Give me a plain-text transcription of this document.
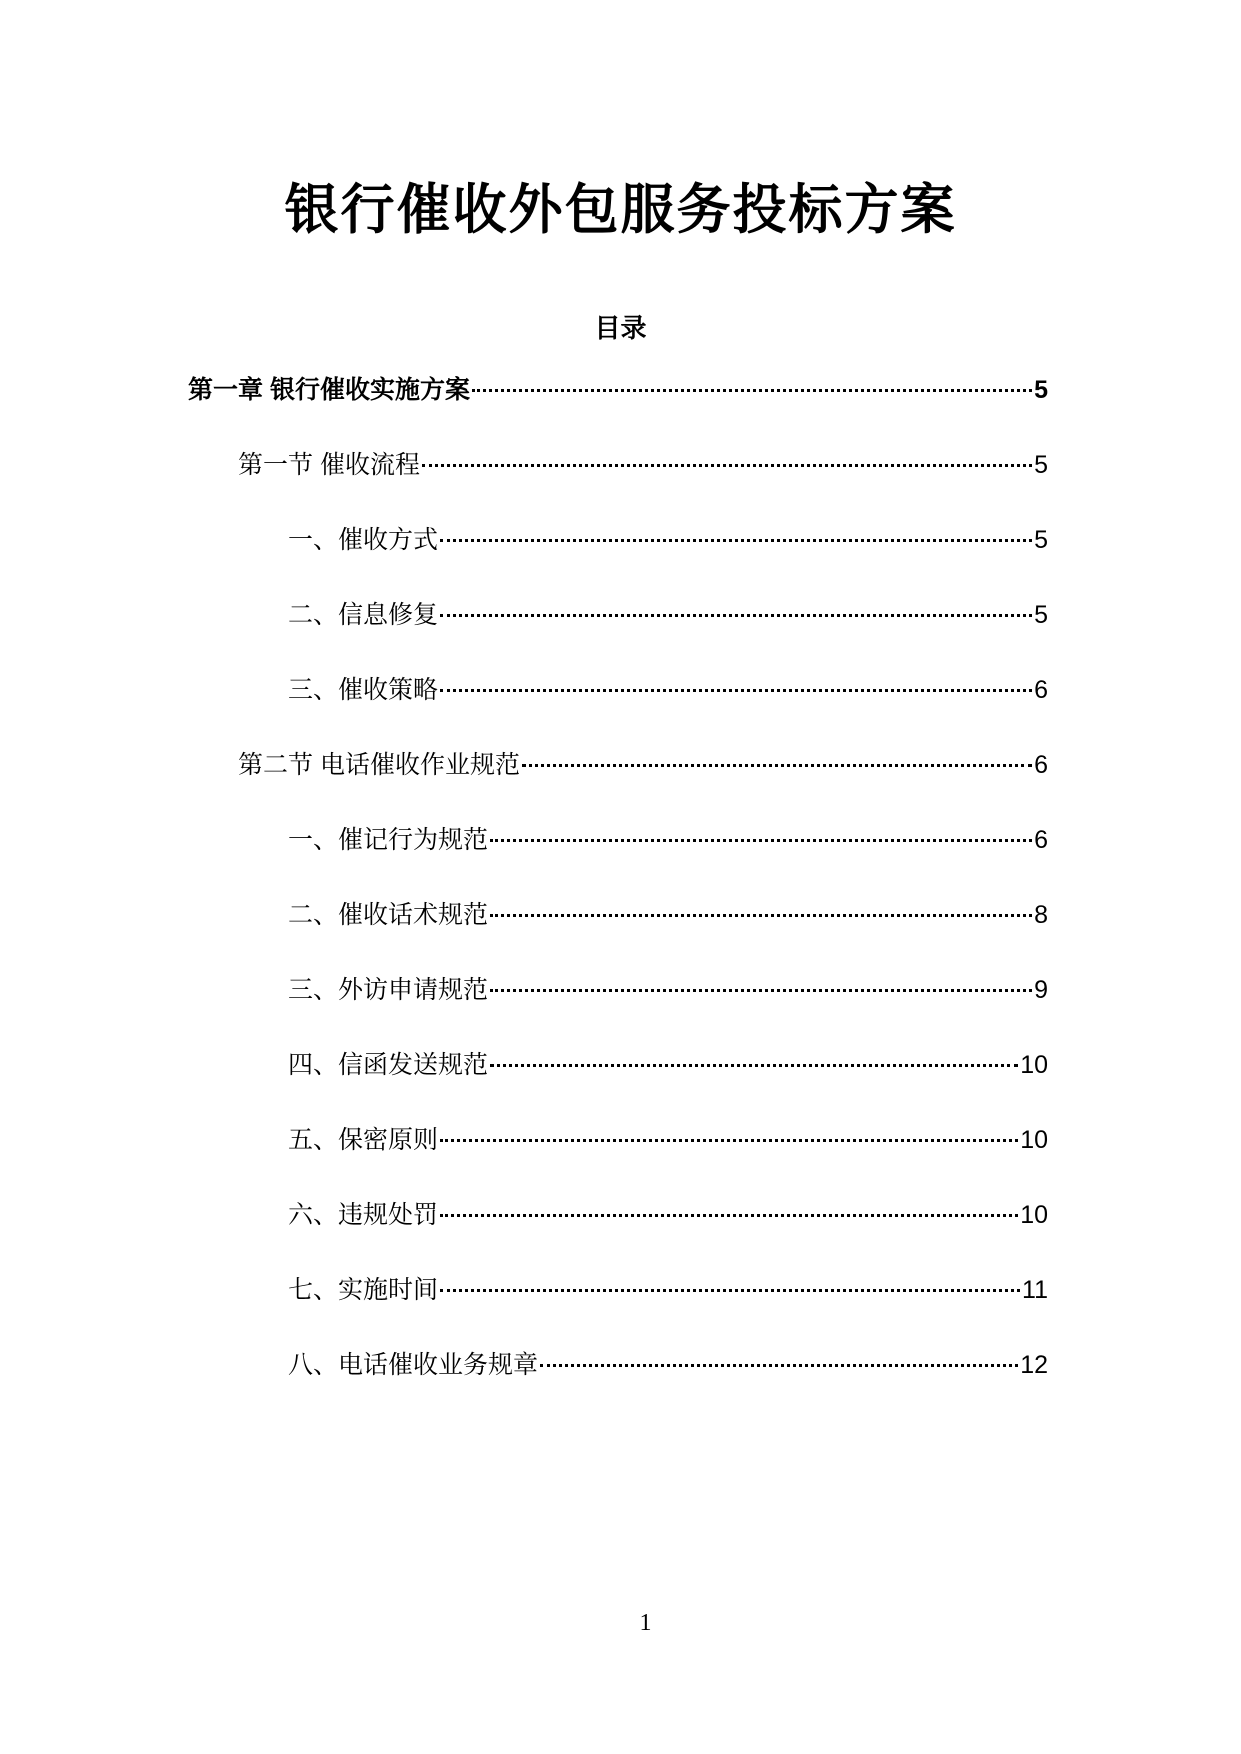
银行催收外包服务投标方案
目录
第一章 银行催收实施方案	5
第一节 催收流程	5
一、催收方式	5
二、信息修复	5
三、催收策略	6
第二节 电话催收作业规范	6
一、催记行为规范	6
二、催收话术规范	8
三、外访申请规范	9
四、信函发送规范	10
五、保密原则	10
六、违规处罚	10
七、实施时间	11
八、电话催收业务规章	12
1
